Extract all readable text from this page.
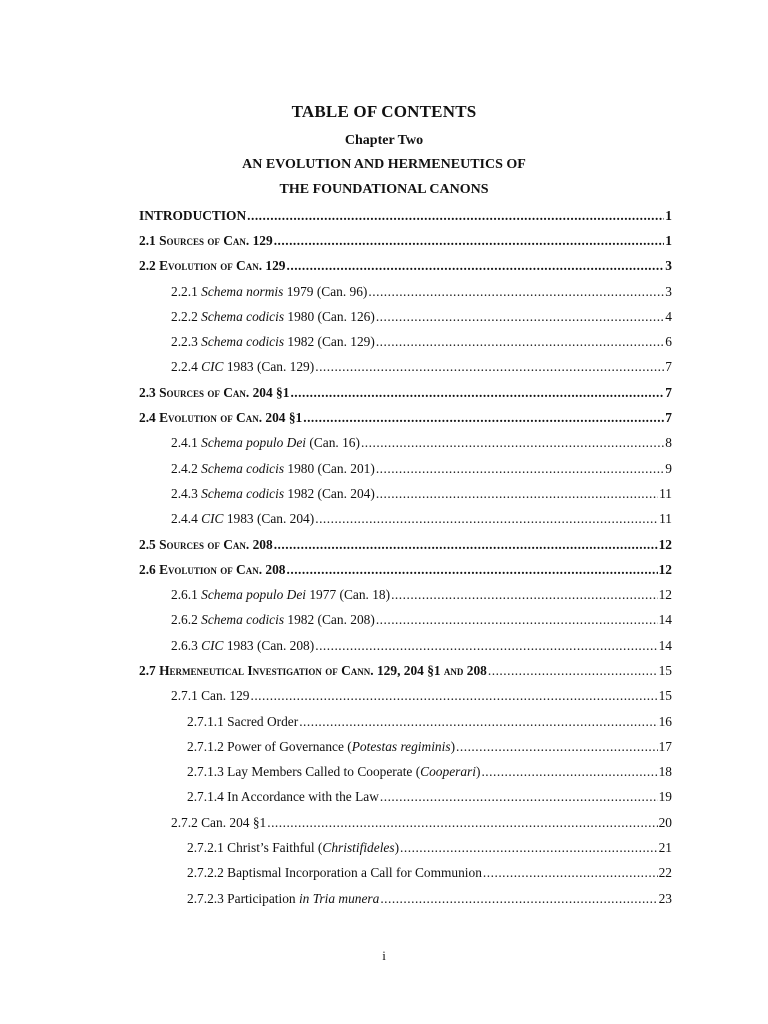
TABLE OF CONTENTS
Chapter Two
AN EVOLUTION AND HERMENEUTICS OF
THE FOUNDATIONAL CANONS
INTRODUCTION .....	1
2.1 Sources of Can. 129 .....	1
2.2 Evolution of Can. 129 .....	3
2.2.1 Schema normis 1979 (Can. 96) .....	3
2.2.2 Schema codicis 1980 (Can. 126) .....	4
2.2.3 Schema codicis 1982 (Can. 129) .....	6
2.2.4 CIC 1983 (Can. 129) .....	7
2.3 Sources of Can. 204 §1 .....	7
2.4 Evolution of Can. 204 §1 .....	7
2.4.1 Schema populo Dei (Can. 16) .....	8
2.4.2 Schema codicis 1980 (Can. 201) .....	9
2.4.3 Schema codicis 1982 (Can. 204) .....	11
2.4.4 CIC 1983 (Can. 204) .....	11
2.5 Sources of Can. 208 .....	12
2.6 Evolution of Can. 208 .....	12
2.6.1 Schema populo Dei 1977 (Can. 18) .....	12
2.6.2 Schema codicis 1982 (Can. 208) .....	14
2.6.3 CIC 1983 (Can. 208) .....	14
2.7 Hermeneutical Investigation of Cann. 129, 204 §1 and 208 .....	15
2.7.1 Can. 129 .....	15
2.7.1.1 Sacred Order .....	16
2.7.1.2 Power of Governance (Potestas regiminis) .....	17
2.7.1.3 Lay Members Called to Cooperate (Cooperari) .....	18
2.7.1.4 In Accordance with the Law .....	19
2.7.2 Can. 204 §1 .....	20
2.7.2.1 Christ’s Faithful (Christifideles) .....	21
2.7.2.2 Baptismal Incorporation a Call for Communion .....	22
2.7.2.3 Participation in Tria munera .....	23
i
